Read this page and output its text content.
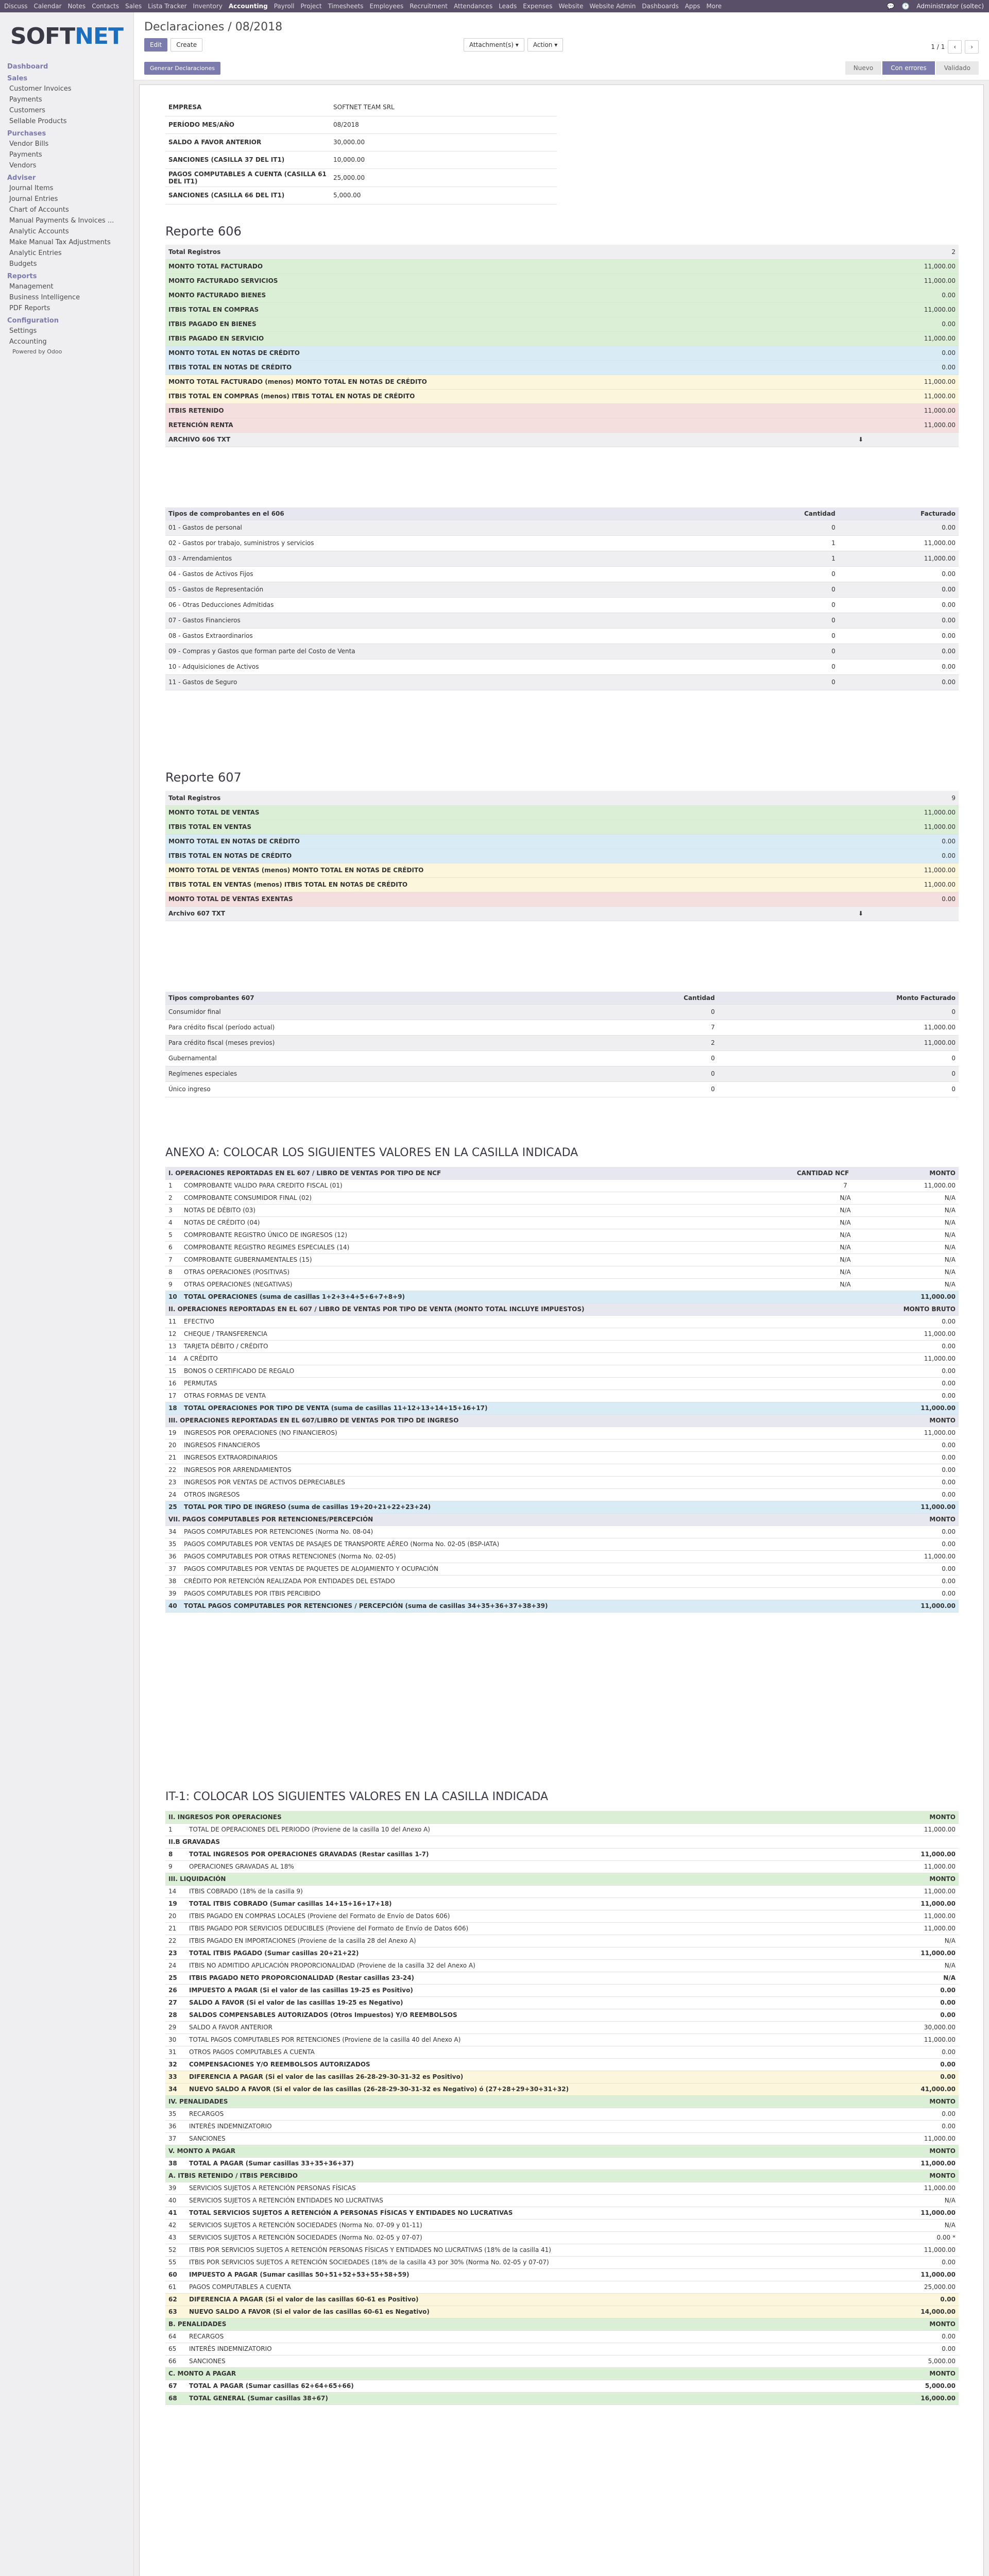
Discuss Calendar Notes Contacts Sales Lista Tracker Inventory Accounting Payroll Project Timesheets Employees Recruitment Attendances Leads Expenses Website Website Admin Dashboards Apps More	💬 🕑 Administrator (soltec)
SOFT NET
Dashboard
Sales
Customer Invoices
Payments
Customers
Sellable Products
Purchases
Vendor Bills
Payments
Vendors
Adviser
Journal Items
Journal Entries
Chart of Accounts
Manual Payments & Invoices ...
Analytic Accounts
Make Manual Tax Adjustments
Analytic Entries
Budgets
Reports
Management
Business Intelligence
PDF Reports
Configuration
Settings
Accounting
Powered by Odoo
Declaraciones / 08/2018
Edit	Create	Attachment(s) ▾	Action ▾	1 / 1	‹	›
Generar Declaraciones	Nuevo	Con errores	Validado
EMPRESA	SOFTNET TEAM SRL
PERÍODO MES/AÑO	08/2018
SALDO A FAVOR ANTERIOR	30,000.00
SANCIONES (CASILLA 37 DEL IT1)	10,000.00
PAGOS COMPUTABLES A CUENTA (CASILLA 61 DEL IT1)	25,000.00
SANCIONES (CASILLA 66 DEL IT1)	5,000.00
Reporte 606
Total Registros	2
MONTO TOTAL FACTURADO	11,000.00
MONTO FACTURADO SERVICIOS	11,000.00
MONTO FACTURADO BIENES	0.00
ITBIS TOTAL EN COMPRAS	11,000.00
ITBIS PAGADO EN BIENES	0.00
ITBIS PAGADO EN SERVICIO	11,000.00
MONTO TOTAL EN NOTAS DE CRÉDITO	0.00
ITBIS TOTAL EN NOTAS DE CRÉDITO	0.00
MONTO TOTAL FACTURADO (menos) MONTO TOTAL EN NOTAS DE CRÉDITO	11,000.00
ITBIS TOTAL EN COMPRAS (menos) ITBIS TOTAL EN NOTAS DE CRÉDITO	11,000.00
ITBIS RETENIDO	11,000.00
RETENCIÓN RENTA	11,000.00
ARCHIVO 606 TXT	⬇
Tipos de comprobantes en el 606	Cantidad	Facturado
01 - Gastos de personal	0	0.00
02 - Gastos por trabajo, suministros y servicios	1	11,000.00
03 - Arrendamientos	1	11,000.00
04 - Gastos de Activos Fijos	0	0.00
05 - Gastos de Representación	0	0.00
06 - Otras Deducciones Admitidas	0	0.00
07 - Gastos Financieros	0	0.00
08 - Gastos Extraordinarios	0	0.00
09 - Compras y Gastos que forman parte del Costo de Venta	0	0.00
10 - Adquisiciones de Activos	0	0.00
11 - Gastos de Seguro	0	0.00
Reporte 607
Total Registros	9
MONTO TOTAL DE VENTAS	11,000.00
ITBIS TOTAL EN VENTAS	11,000.00
MONTO TOTAL EN NOTAS DE CRÉDITO	0.00
ITBIS TOTAL EN NOTAS DE CRÉDITO	0.00
MONTO TOTAL DE VENTAS (menos) MONTO TOTAL EN NOTAS DE CRÉDITO	11,000.00
ITBIS TOTAL EN VENTAS (menos) ITBIS TOTAL EN NOTAS DE CRÉDITO	11,000.00
MONTO TOTAL DE VENTAS EXENTAS	0.00
Archivo 607 TXT	⬇
Tipos comprobantes 607	Cantidad	Monto Facturado
Consumidor final	0	0
Para crédito fiscal (período actual)	7	11,000.00
Para crédito fiscal (meses previos)	2	11,000.00
Gubernamental	0	0
Regímenes especiales	0	0
Único ingreso	0	0
ANEXO A: COLOCAR LOS SIGUIENTES VALORES EN LA CASILLA INDICADA
I. OPERACIONES REPORTADAS EN EL 607 / LIBRO DE VENTAS POR TIPO DE NCF		CANTIDAD NCF	MONTO
1	COMPROBANTE VALIDO PARA CREDITO FISCAL (01)	7	11,000.00
2	COMPROBANTE CONSUMIDOR FINAL (02)	N/A	N/A
3	NOTAS DE DÉBITO (03)	N/A	N/A
4	NOTAS DE CRÉDITO (04)	N/A	N/A
5	COMPROBANTE REGISTRO ÚNICO DE INGRESOS (12)	N/A	N/A
6	COMPROBANTE REGISTRO REGIMES ESPECIALES (14)	N/A	N/A
7	COMPROBANTE GUBERNAMENTALES (15)	N/A	N/A
8	OTRAS OPERACIONES (POSITIVAS)	N/A	N/A
9	OTRAS OPERACIONES (NEGATIVAS)	N/A	N/A
10	TOTAL OPERACIONES (suma de casillas 1+2+3+4+5+6+7+8+9)		11,000.00
II. OPERACIONES REPORTADAS EN EL 607 / LIBRO DE VENTAS POR TIPO DE VENTA (MONTO TOTAL INCLUYE IMPUESTOS)			MONTO BRUTO
11	EFECTIVO		0.00
12	CHEQUE / TRANSFERENCIA		11,000.00
13	TARJETA DÉBITO / CRÉDITO		0.00
14	A CRÉDITO		11,000.00
15	BONOS O CERTIFICADO DE REGALO		0.00
16	PERMUTAS		0.00
17	OTRAS FORMAS DE VENTA		0.00
18	TOTAL OPERACIONES POR TIPO DE VENTA (suma de casillas 11+12+13+14+15+16+17)		11,000.00
III. OPERACIONES REPORTADAS EN EL 607/LIBRO DE VENTAS POR TIPO DE INGRESO			MONTO
19	INGRESOS POR OPERACIONES (NO FINANCIEROS)		11,000.00
20	INGRESOS FINANCIEROS		0.00
21	INGRESOS EXTRAORDINARIOS		0.00
22	INGRESOS POR ARRENDAMIENTOS		0.00
23	INGRESOS POR VENTAS DE ACTIVOS DEPRECIABLES		0.00
24	OTROS INGRESOS		0.00
25	TOTAL POR TIPO DE INGRESO (suma de casillas 19+20+21+22+23+24)		11,000.00
VII. PAGOS COMPUTABLES POR RETENCIONES/PERCEPCIÓN			MONTO
34	PAGOS COMPUTABLES POR RETENCIONES (Norma No. 08-04)		0.00
35	PAGOS COMPUTABLES POR VENTAS DE PASAJES DE TRANSPORTE AÉREO (Norma No. 02-05 (BSP-IATA)		0.00
36	PAGOS COMPUTABLES POR OTRAS RETENCIONES (Norma No. 02-05)		11,000.00
37	PAGOS COMPUTABLES POR VENTAS DE PAQUETES DE ALOJAMIENTO Y OCUPACIÓN		0.00
38	CRÉDITO POR RETENCIÓN REALIZADA POR ENTIDADES DEL ESTADO		0.00
39	PAGOS COMPUTABLES POR ITBIS PERCIBIDO		0.00
40	TOTAL PAGOS COMPUTABLES POR RETENCIONES / PERCEPCIÓN (suma de casillas 34+35+36+37+38+39)		11,000.00
IT-1: COLOCAR LOS SIGUIENTES VALORES EN LA CASILLA INDICADA
II. INGRESOS POR OPERACIONES		MONTO
1	TOTAL DE OPERACIONES DEL PERIODO (Proviene de la casilla 10 del Anexo A)	11,000.00
II.B GRAVADAS		
8	TOTAL INGRESOS POR OPERACIONES GRAVADAS (Restar casillas 1-7)	11,000.00
9	OPERACIONES GRAVADAS AL 18%	11,000.00
III. LIQUIDACIÓN		MONTO
14	ITBIS COBRADO (18% de la casilla 9)	11,000.00
19	TOTAL ITBIS COBRADO (Sumar casillas 14+15+16+17+18)	11,000.00
20	ITBIS PAGADO EN COMPRAS LOCALES (Proviene del Formato de Envío de Datos 606)	11,000.00
21	ITBIS PAGADO POR SERVICIOS DEDUCIBLES (Proviene del Formato de Envío de Datos 606)	11,000.00
22	ITBIS PAGADO EN IMPORTACIONES (Proviene de la casilla 28 del Anexo A)	N/A
23	TOTAL ITBIS PAGADO (Sumar casillas 20+21+22)	11,000.00
24	ITBIS NO ADMITIDO APLICACIÓN PROPORCIONALIDAD (Proviene de la casilla 32 del Anexo A)	N/A
25	ITBIS PAGADO NETO PROPORCIONALIDAD (Restar casillas 23-24)	N/A
26	IMPUESTO A PAGAR (Si el valor de las casillas 19-25 es Positivo)	0.00
27	SALDO A FAVOR (Si el valor de las casillas 19-25 es Negativo)	0.00
28	SALDOS COMPENSABLES AUTORIZADOS (Otros Impuestos) Y/O REEMBOLSOS	0.00
29	SALDO A FAVOR ANTERIOR	30,000.00
30	TOTAL PAGOS COMPUTABLES POR RETENCIONES (Proviene de la casilla 40 del Anexo A)	11,000.00
31	OTROS PAGOS COMPUTABLES A CUENTA	0.00
32	COMPENSACIONES Y/O REEMBOLSOS AUTORIZADOS	0.00
33	DIFERENCIA A PAGAR (Si el valor de las casillas 26-28-29-30-31-32 es Positivo)	0.00
34	NUEVO SALDO A FAVOR (Si el valor de las casillas (26-28-29-30-31-32 es Negativo) ó (27+28+29+30+31+32)	41,000.00
IV. PENALIDADES		MONTO
35	RECARGOS	0.00
36	INTERÉS INDEMNIZATORIO	0.00
37	SANCIONES	11,000.00
V. MONTO A PAGAR		MONTO
38	TOTAL A PAGAR (Sumar casillas 33+35+36+37)	11,000.00
A. ITBIS RETENIDO / ITBIS PERCIBIDO		MONTO
39	SERVICIOS SUJETOS A RETENCIÓN PERSONAS FÍSICAS	11,000.00
40	SERVICIOS SUJETOS A RETENCIÓN ENTIDADES NO LUCRATIVAS	N/A
41	TOTAL SERVICIOS SUJETOS A RETENCIÓN A PERSONAS FÍSICAS Y ENTIDADES NO LUCRATIVAS	11,000.00
42	SERVICIOS SUJETOS A RETENCIÓN SOCIEDADES (Norma No. 07-09 y 01-11)	N/A
43	SERVICIOS SUJETOS A RETENCIÓN SOCIEDADES (Norma No. 02-05 y 07-07)	0.00 *
52	ITBIS POR SERVICIOS SUJETOS A RETENCIÓN PERSONAS FÍSICAS Y ENTIDADES NO LUCRATIVAS (18% de la casilla 41)	11,000.00
55	ITBIS POR SERVICIOS SUJETOS A RETENCIÓN SOCIEDADES (18% de la casilla 43 por 30% (Norma No. 02-05 y 07-07)	0.00
60	IMPUESTO A PAGAR (Sumar casillas 50+51+52+53+55+58+59)	11,000.00
61	PAGOS COMPUTABLES A CUENTA	25,000.00
62	DIFERENCIA A PAGAR (Si el valor de las casillas 60-61 es Positivo)	0.00
63	NUEVO SALDO A FAVOR (Si el valor de las casillas 60-61 es Negativo)	14,000.00
B. PENALIDADES		MONTO
64	RECARGOS	0.00
65	INTERÉS INDEMNIZATORIO	0.00
66	SANCIONES	5,000.00
C. MONTO A PAGAR		MONTO
67	TOTAL A PAGAR (Sumar casillas 62+64+65+66)	5,000.00
68	TOTAL GENERAL (Sumar casillas 38+67)	16,000.00
